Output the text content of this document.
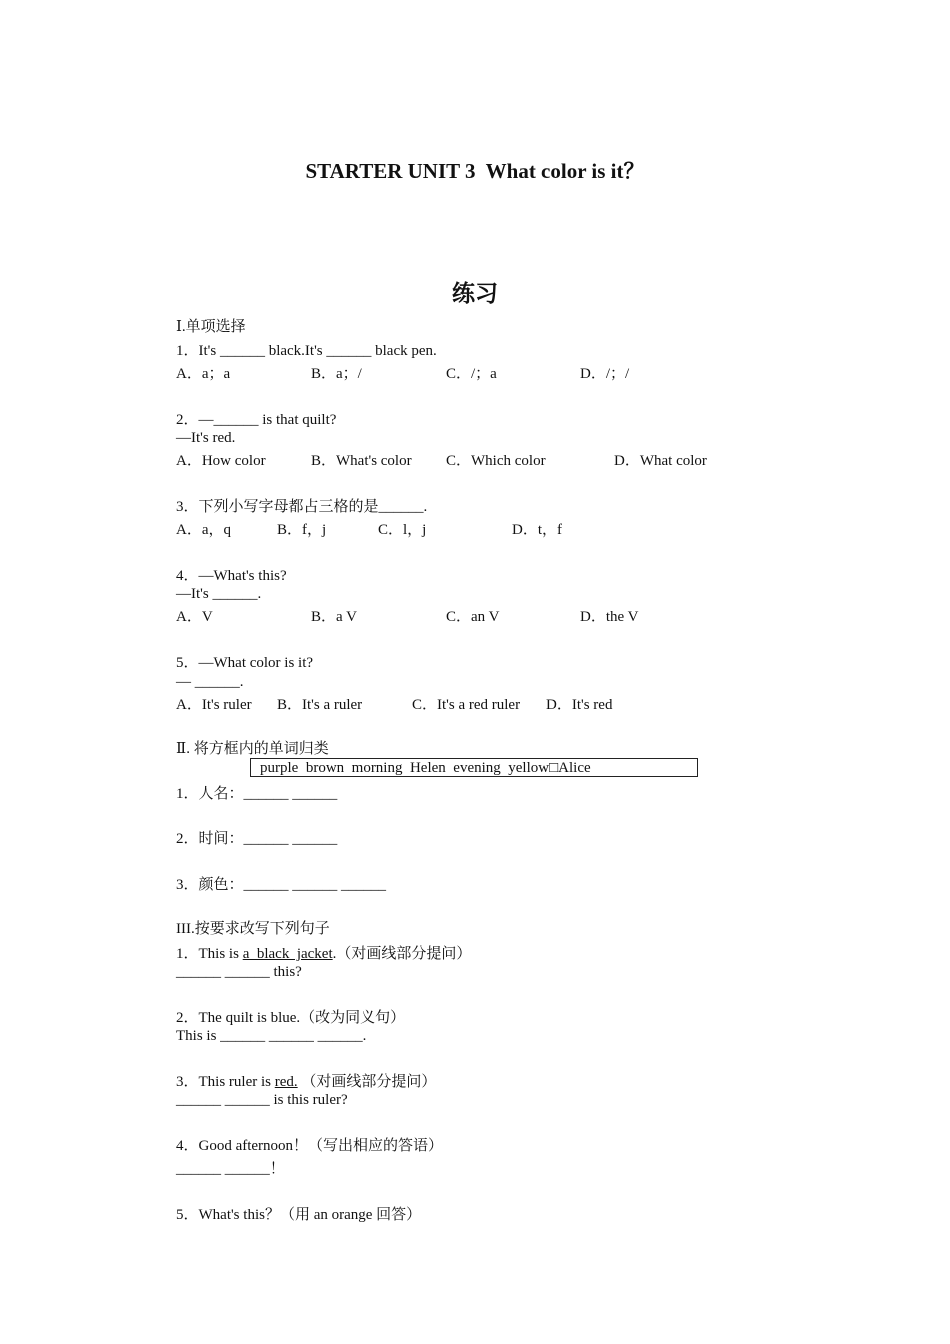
STARTER UNIT 3  What color is it？
练习
Ⅰ.单项选择
1．It's ______ black.It's ______ black pen.
A．a；a	B．a；/	C．/；a	D．/；/
2．—______ is that quilt?
—It's red.
A．How color	B．What's color C．Which color	D．What color
3．下列小写字母都占三格的是______.
A．a，q	B．f，j	C．l，j	D．t，f
4．—What's this?
—It's ______.
A．V	B．a V	C．an V	D．the V
5．—What color is it?
— ______.
A．It's ruler B．It's a ruler	C．It's a red ruler D．It's red
Ⅱ. 将方框内的单词归类
purple  brown  morning  Helen  evening  yellow□Alice
1．人名：______ ______
2．时间：______ ______
3．颜色：______ ______ ______
III.按要求改写下列句子
1．This is a  black  jacket.（对画线部分提问）
______ ______ this?
2．The quilt is blue.（改为同义句）
This is ______ ______ ______.
3．This ruler is red. （对画线部分提问）
______ ______ is this ruler?
4．Good afternoon！（写出相应的答语）
______ ______！
5．What's this？（用 an orange 回答）
